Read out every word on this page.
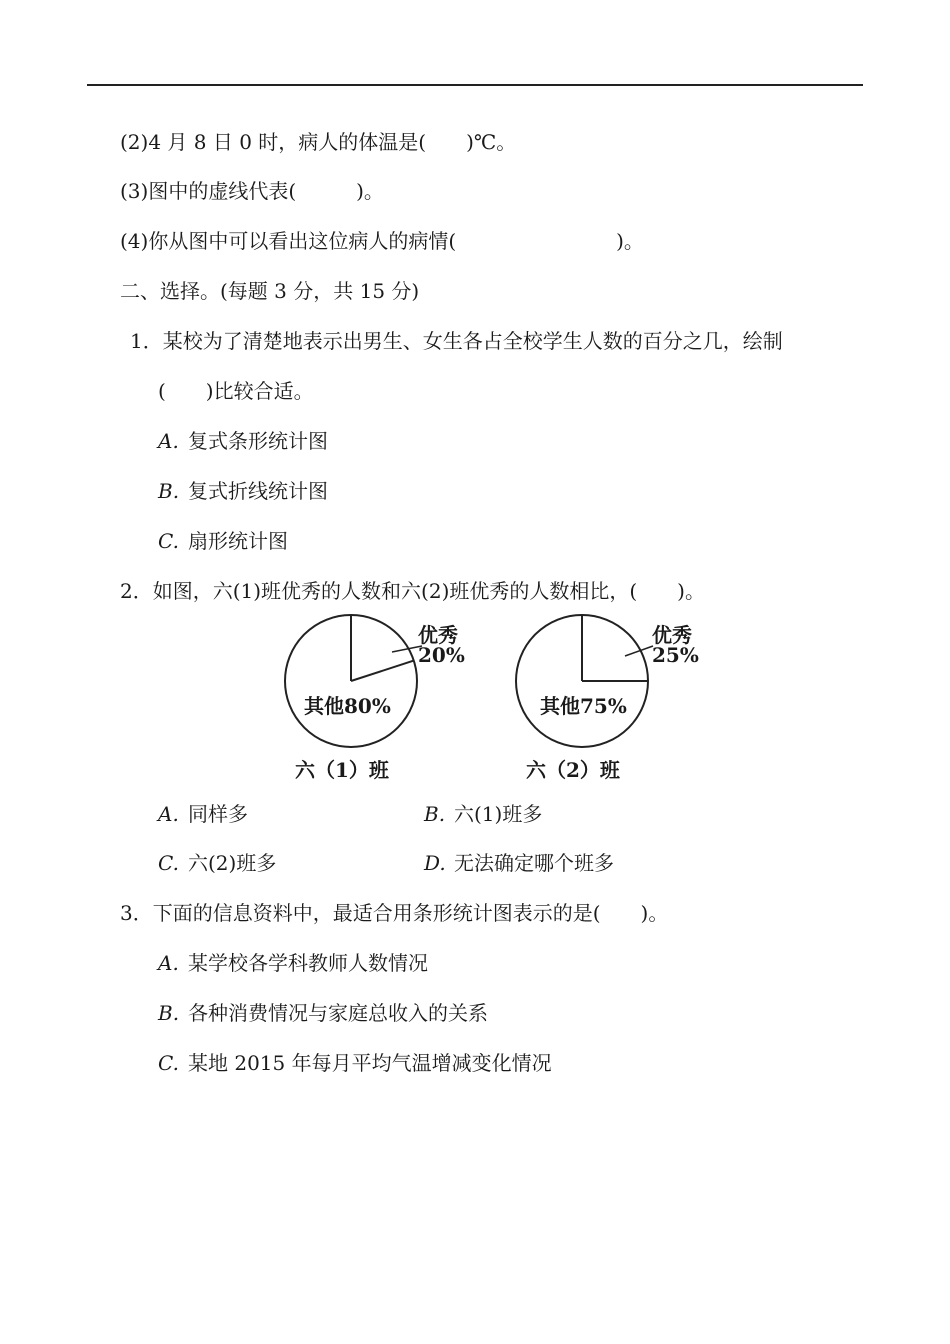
(2)4 月 8 日 0 时，病人的体温是(　　)℃。
(3)图中的虚线代表(　　　)。
(4)你从图中可以看出这位病人的病情(　　　　　　　　)。
二、选择。(每题 3 分，共 15 分)
1．某校为了清楚地表示出男生、女生各占全校学生人数的百分之几，绘制
(　　)比较合适。
A. 复式条形统计图
B. 复式折线统计图
C. 扇形统计图
2．如图，六(1)班优秀的人数和六(2)班优秀的人数相比，(　　)。
优秀
20%
其他80%
六（1）班
优秀
25%
其他75%
六（2）班
A. 同样多	B. 六(1)班多
C. 六(2)班多	D. 无法确定哪个班多
3．下面的信息资料中，最适合用条形统计图表示的是(　　)。
A. 某学校各学科教师人数情况
B. 各种消费情况与家庭总收入的关系
C. 某地 2015 年每月平均气温增减变化情况
